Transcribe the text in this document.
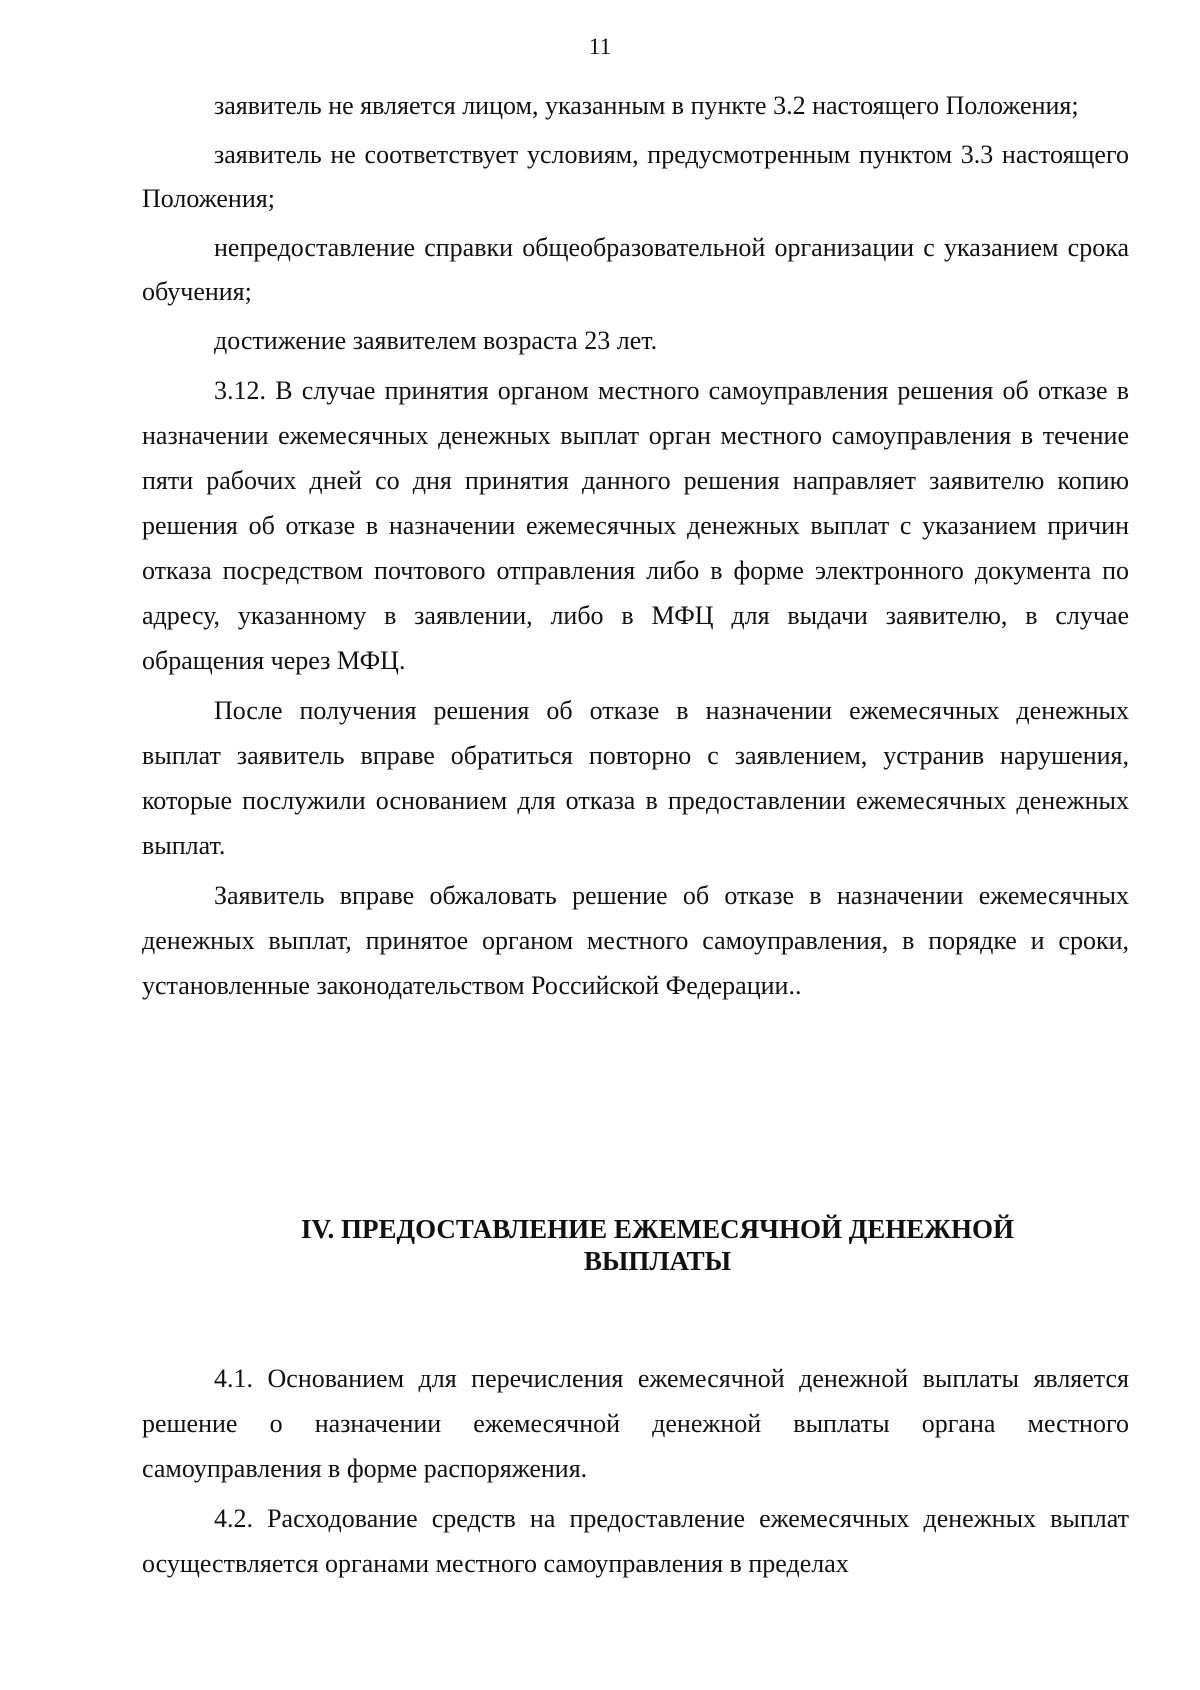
11

заявитель не является лицом, указанным в пункте 3.2 настоящего Положения;

заявитель не соответствует условиям, предусмотренным пунктом 3.3 настоящего Положения;

непредоставление справки общеобразовательной организации с указанием срока обучения;

достижение заявителем возраста 23 лет.

3.12. В случае принятия органом местного самоуправления решения об отказе в назначении ежемесячных денежных выплат орган местного самоуправления в течение пяти рабочих дней со дня принятия данного решения направляет заявителю копию решения об отказе в назначении ежемесячных денежных выплат с указанием причин отказа посредством почтового отправления либо в форме электронного документа по адресу, указанному в заявлении, либо в МФЦ для выдачи заявителю, в случае обращения через МФЦ.

После получения решения об отказе в назначении ежемесячных денежных выплат заявитель вправе обратиться повторно с заявлением, устранив нарушения, которые послужили основанием для отказа в предоставлении ежемесячных денежных выплат.

Заявитель вправе обжаловать решение об отказе в назначении ежемесячных денежных выплат, принятое органом местного самоуправления, в порядке и сроки, установленные законодательством Российской Федерации..

IV. ПРЕДОСТАВЛЕНИЕ ЕЖЕМЕСЯЧНОЙ ДЕНЕЖНОЙ
ВЫПЛАТЫ

4.1. Основанием для перечисления ежемесячной денежной выплаты является решение о назначении ежемесячной денежной выплаты органа местного самоуправления в форме распоряжения.

4.2. Расходование средств на предоставление ежемесячных денежных выплат осуществляется органами местного самоуправления в пределах
